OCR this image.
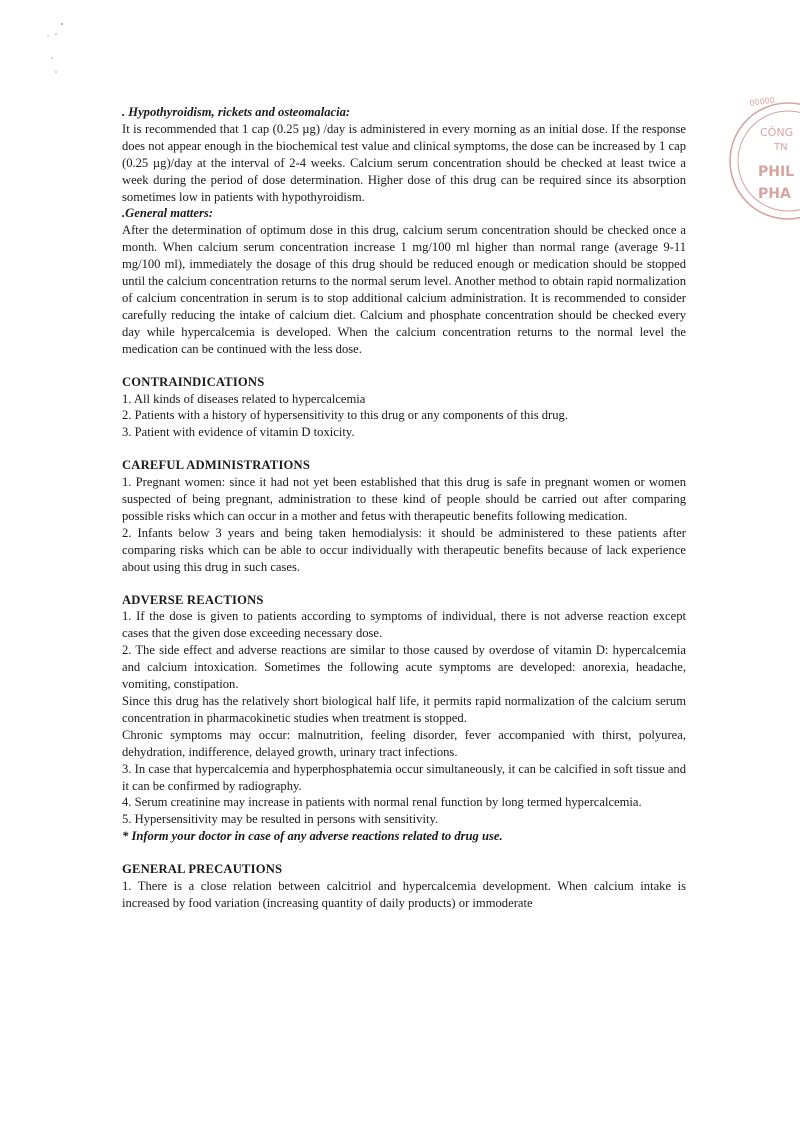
00000
CÔNG
TN
PHIL
PHA

. Hypothyroidism, rickets and osteomalacia:

It is recommended that 1 cap (0.25 µg) /day is administered in every morning as an initial dose. If the response does not appear enough in the biochemical test value and clinical symptoms, the dose can be increased by 1 cap (0.25 µg)/day at the interval of 2-4 weeks. Calcium serum concentration should be checked at least twice a week during the period of dose determination. Higher dose of this drug can be required since its absorption sometimes low in patients with hypothyroidism.

.General matters:

After the determination of optimum dose in this drug, calcium serum concentration should be checked once a month. When calcium serum concentration increase 1 mg/100 ml higher than normal range (average 9-11 mg/100 ml), immediately the dosage of this drug should be reduced enough or medication should be stopped until the calcium concentration returns to the normal serum level. Another method to obtain rapid normalization of calcium concentration in serum is to stop additional calcium administration. It is recommended to consider carefully reducing the intake of calcium diet. Calcium and phosphate concentration should be checked every day while hypercalcemia is developed. When the calcium concentration returns to the normal level the medication can be continued with the less dose.

CONTRAINDICATIONS

1. All kinds of diseases related to hypercalcemia

2. Patients with a history of hypersensitivity to this drug or any components of this drug.

3. Patient with evidence of vitamin D toxicity.

CAREFUL ADMINISTRATIONS

1. Pregnant women: since it had not yet been established that this drug is safe in pregnant women or women suspected of being pregnant, administration to these kind of people should be carried out after comparing possible risks which can occur in a mother and fetus with therapeutic benefits following medication.

2. Infants below 3 years and being taken hemodialysis: it should be administered to these patients after comparing risks which can be able to occur individually with therapeutic benefits because of lack experience about using this drug in such cases.

ADVERSE REACTIONS

1. If the dose is given to patients according to symptoms of individual, there is not adverse reaction except cases that the given dose exceeding necessary dose.

2. The side effect and adverse reactions are similar to those caused by overdose of vitamin D: hypercalcemia and calcium intoxication. Sometimes the following acute symptoms are developed: anorexia, headache, vomiting, constipation.

Since this drug has the relatively short biological half life, it permits rapid normalization of the calcium serum concentration in pharmacokinetic studies when treatment is stopped.

Chronic symptoms may occur: malnutrition, feeling disorder, fever accompanied with thirst, polyurea, dehydration, indifference, delayed growth, urinary tract infections.

3. In case that hypercalcemia and hyperphosphatemia occur simultaneously, it can be calcified in soft tissue and it can be confirmed by radiography.

4. Serum creatinine may increase in patients with normal renal function by long termed hypercalcemia.

5. Hypersensitivity may be resulted in persons with sensitivity.

* Inform your doctor in case of any adverse reactions related to drug use.

GENERAL PRECAUTIONS

1. There is a close relation between calcitriol and hypercalcemia development. When calcium intake is increased by food variation (increasing quantity of daily products) or immoderate
